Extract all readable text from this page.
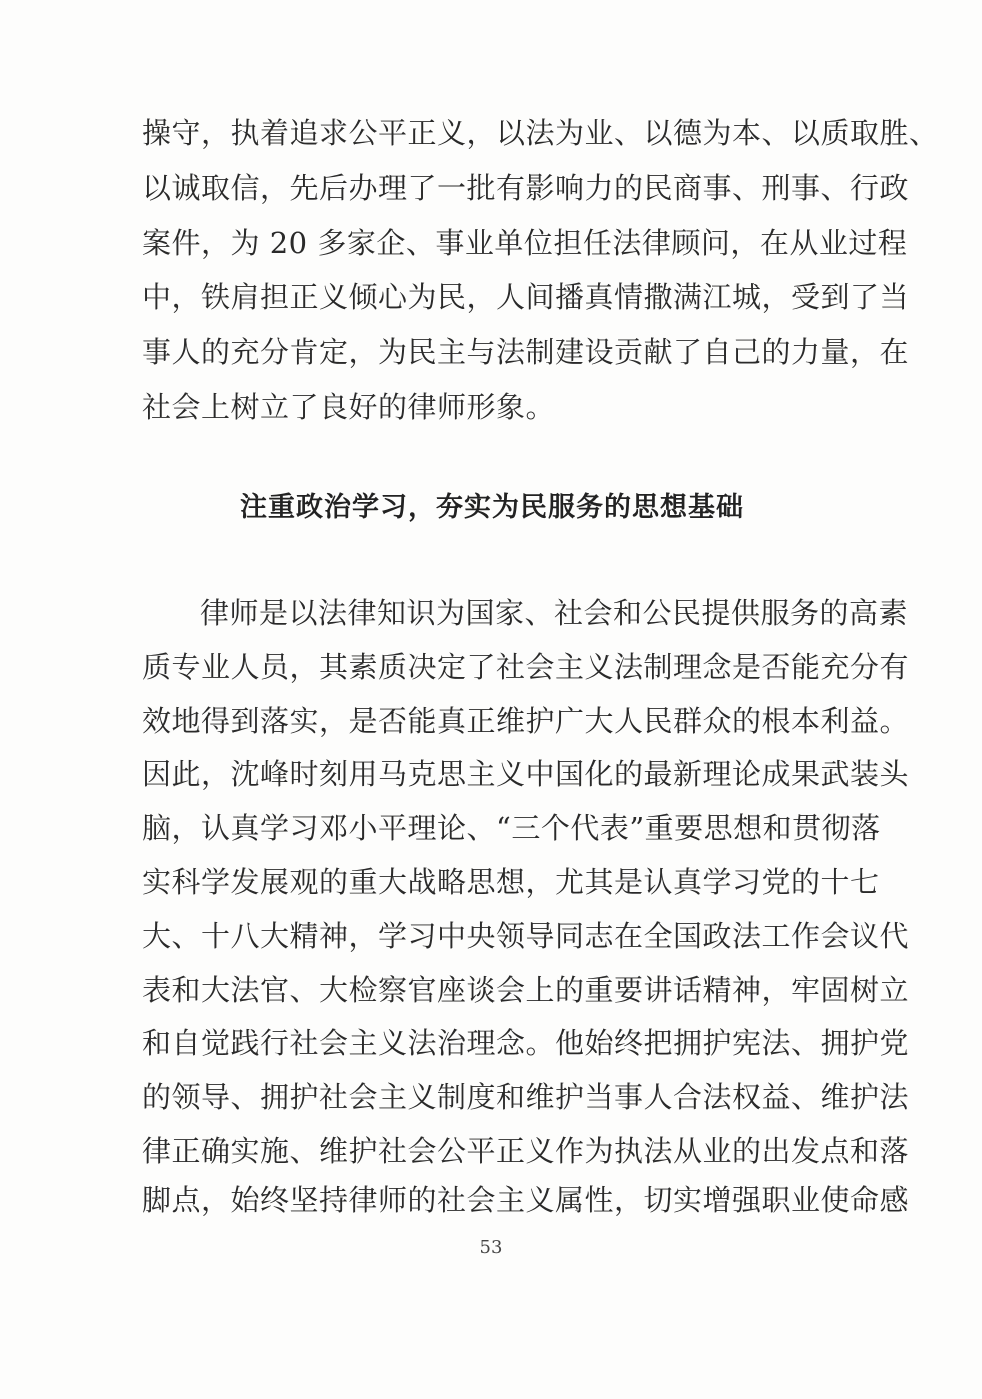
操守，执着追求公平正义，以法为业、以德为本、以质取胜、
以诚取信，先后办理了一批有影响力的民商事、刑事、行政
案件，为 20 多家企、事业单位担任法律顾问，在从业过程
中，铁肩担正义倾心为民，人间播真情撒满江城，受到了当
事人的充分肯定，为民主与法制建设贡献了自己的力量，在
社会上树立了良好的律师形象。
注重政治学习，夯实为民服务的思想基础
律师是以法律知识为国家、社会和公民提供服务的高素
质专业人员，其素质决定了社会主义法制理念是否能充分有
效地得到落实，是否能真正维护广大人民群众的根本利益。
因此，沈峰时刻用马克思主义中国化的最新理论成果武装头
脑，认真学习邓小平理论、“三个代表”重要思想和贯彻落
实科学发展观的重大战略思想，尤其是认真学习党的十七
大、十八大精神，学习中央领导同志在全国政法工作会议代
表和大法官、大检察官座谈会上的重要讲话精神，牢固树立
和自觉践行社会主义法治理念。他始终把拥护宪法、拥护党
的领导、拥护社会主义制度和维护当事人合法权益、维护法
律正确实施、维护社会公平正义作为执法从业的出发点和落
脚点，始终坚持律师的社会主义属性，切实增强职业使命感
53
